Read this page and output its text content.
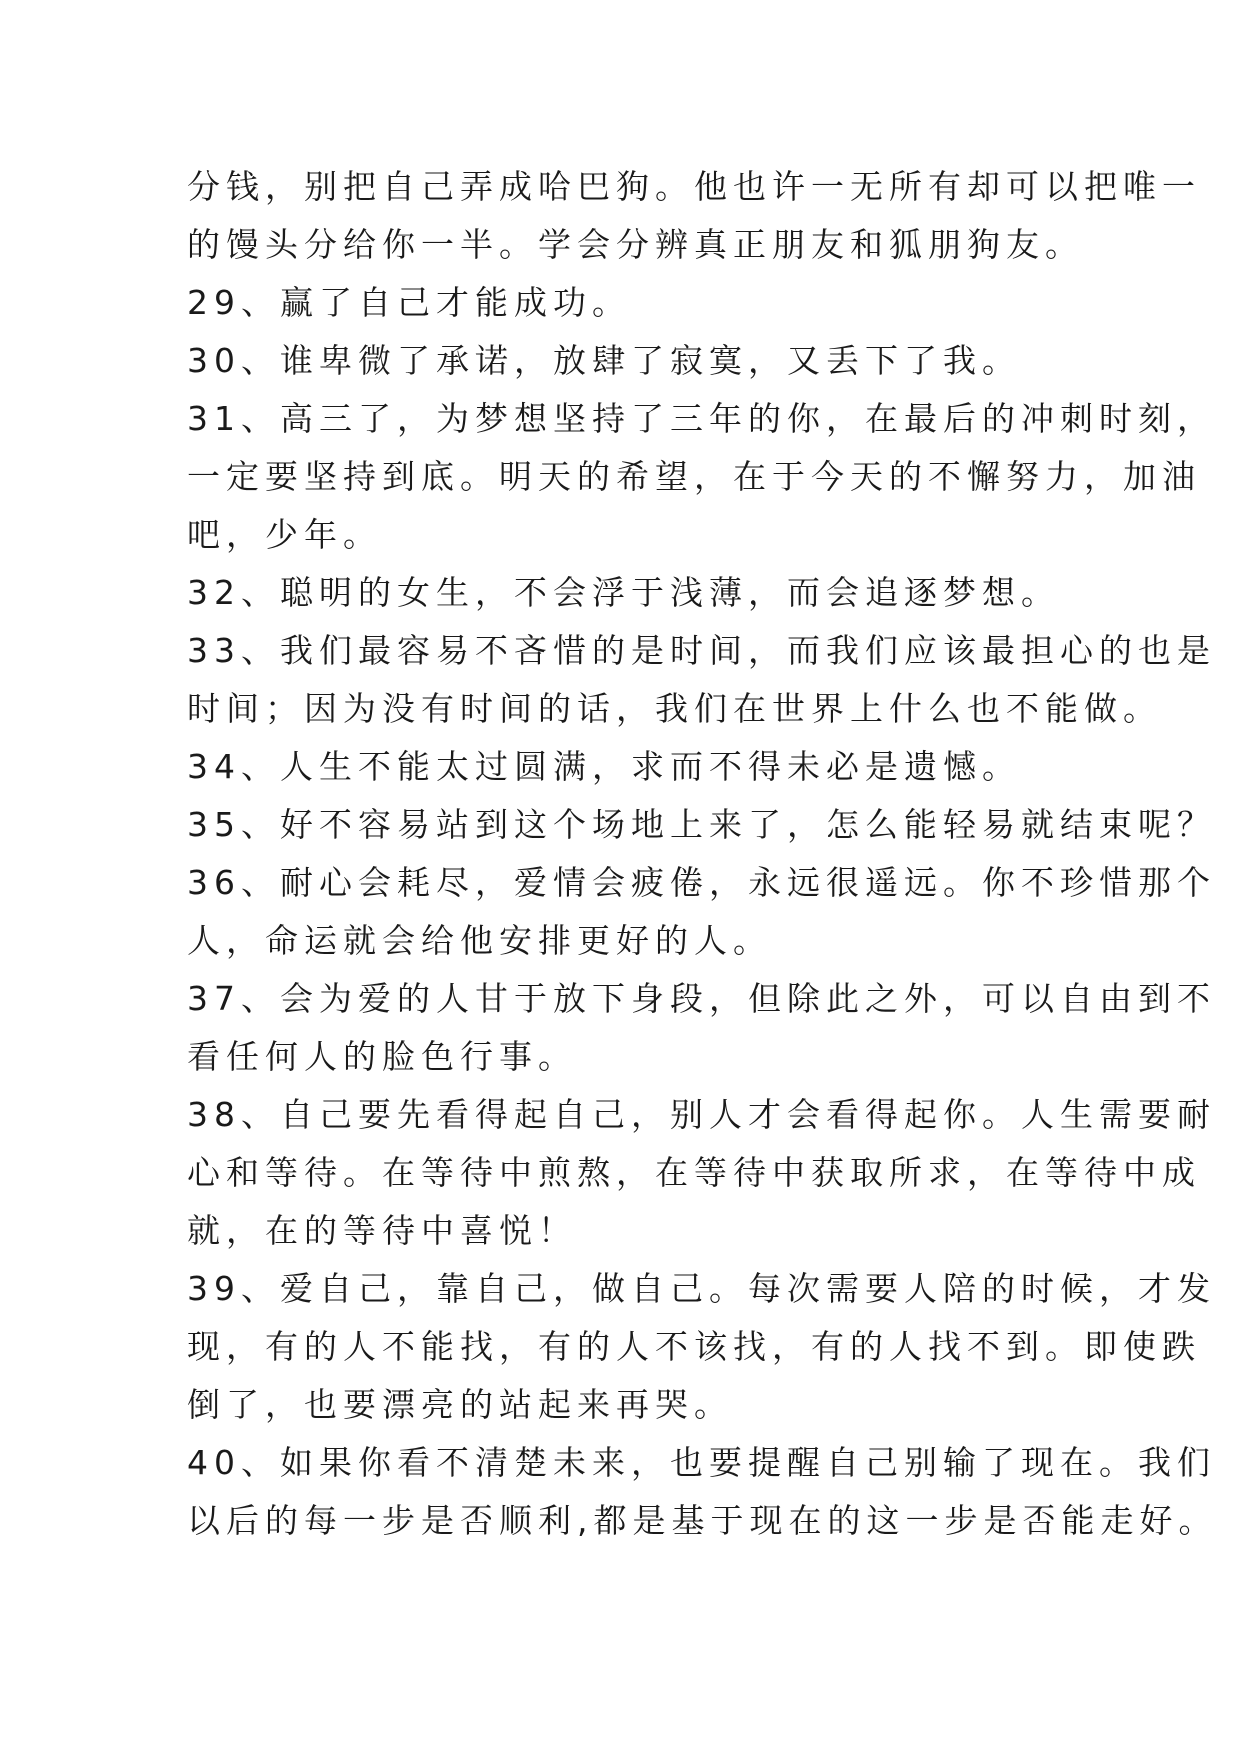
分钱，别把自己弄成哈巴狗。他也许一无所有却可以把唯一
的馒头分给你一半。学会分辨真正朋友和狐朋狗友。
29、赢了自己才能成功。
30、谁卑微了承诺，放肆了寂寞，又丢下了我。
31、高三了，为梦想坚持了三年的你，在最后的冲刺时刻，
一定要坚持到底。明天的希望，在于今天的不懈努力，加油
吧，少年。
32、聪明的女生，不会浮于浅薄，而会追逐梦想。
33、我们最容易不吝惜的是时间，而我们应该最担心的也是
时间；因为没有时间的话，我们在世界上什么也不能做。
34、人生不能太过圆满，求而不得未必是遗憾。
35、好不容易站到这个场地上来了，怎么能轻易就结束呢？
36、耐心会耗尽，爱情会疲倦，永远很遥远。你不珍惜那个
人，命运就会给他安排更好的人。
37、会为爱的人甘于放下身段，但除此之外，可以自由到不
看任何人的脸色行事。
38、自己要先看得起自己，别人才会看得起你。人生需要耐
心和等待。在等待中煎熬，在等待中获取所求，在等待中成
就，在的等待中喜悦！
39、爱自己，靠自己，做自己。每次需要人陪的时候，才发
现，有的人不能找，有的人不该找，有的人找不到。即使跌
倒了，也要漂亮的站起来再哭。
40、如果你看不清楚未来，也要提醒自己别输了现在。我们
以后的每一步是否顺利,都是基于现在的这一步是否能走好。
